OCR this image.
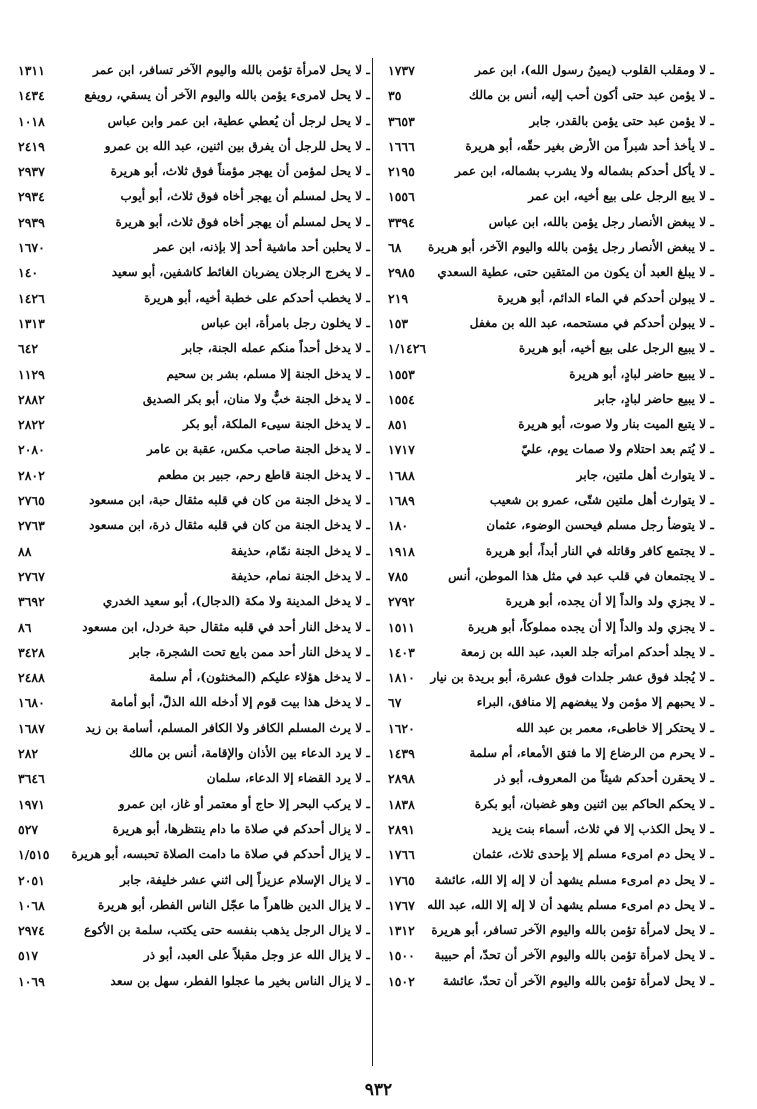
ـ لا ومقلب القلوب (يمينُ رسول الله)، ابن عمر
١٧٣٧
ـ لا يؤمن عبد حتى أكون أحب إليه، أنس بن مالك
٣٥
ـ لا يؤمن عبد حتى يؤمن بالقدر، جابر
٣٦٥٣
ـ لا يأخذ أحد شبراً من الأرض بغير حقّه، أبو هريرة
١٦٦٦
ـ لا يأكل أحدكم بشماله ولا يشرب بشماله، ابن عمر
٢١٩٥
ـ لا يبع الرجل على بيع أخيه، ابن عمر
١٥٥٦
ـ لا يبغض الأنصار رجل يؤمن بالله، ابن عباس
٣٣٩٤
ـ لا يبغض الأنصار رجل يؤمن بالله واليوم الآخر، أبو هريرة
٦٨
ـ لا يبلغ العبد أن يكون من المتقين حتى، عطية السعدي
٢٩٨٥
ـ لا يبولن أحدكم في الماء الدائم، أبو هريرة
٢١٩
ـ لا يبولن أحدكم في مستحمه، عبد الله بن مغفل
١٥٣
ـ لا يبيع الرجل على بيع أخيه، أبو هريرة
١/١٤٢٦
ـ لا يبيع حاضر لبادٍ، أبو هريرة
١٥٥٣
ـ لا يبيع حاضر لبادٍ، جابر
١٥٥٤
ـ لا يتبع الميت بنار ولا صوت، أبو هريرة
٨٥١
ـ لا يُتم بعد احتلام ولا صمات يوم، عليّ
١٧١٧
ـ لا يتوارث أهل ملتين، جابر
١٦٨٨
ـ لا يتوارث أهل ملتين شتّى، عمرو بن شعيب
١٦٨٩
ـ لا يتوضأ رجل مسلم فيحسن الوضوء، عثمان
١٨٠
ـ لا يجتمع كافر وقاتله في النار أبداً، أبو هريرة
١٩١٨
ـ لا يجتمعان في قلب عبد في مثل هذا الموطن، أنس
٧٨٥
ـ لا يجزي ولد والداً إلا أن يجده، أبو هريرة
٢٧٩٢
ـ لا يجزي ولد والداً إلا أن يجده مملوكاً، أبو هريرة
١٥١١
ـ لا يجلد أحدكم امرأته جلد العبد، عبد الله بن زمعة
١٤٠٣
ـ لا يُجلد فوق عشر جلدات فوق عشرة، أبو بريدة بن نيار
١٨١٠
ـ لا يحبهم إلا مؤمن ولا يبغضهم إلا منافق، البراء
٦٧
ـ لا يحتكر إلا خاطىء، معمر بن عبد الله
١٦٢٠
ـ لا يحرم من الرضاع إلا ما فتق الأمعاء، أم سلمة
١٤٣٩
ـ لا يحقرن أحدكم شيئاً من المعروف، أبو ذر
٢٨٩٨
ـ لا يحكم الحاكم بين اثنين وهو غضبان، أبو بكرة
١٨٣٨
ـ لا يحل الكذب إلا في ثلاث، أسماء بنت يزيد
٢٨٩١
ـ لا يحل دم امرىء مسلم إلا بإحدى ثلاث، عثمان
١٧٦٦
ـ لا يحل دم امرىء مسلم يشهد أن لا إله إلا الله، عائشة
١٧٦٥
ـ لا يحل دم امرىء مسلم يشهد أن لا إله إلا الله، عبد الله
١٧٦٧
ـ لا يحل لامرأة تؤمن بالله واليوم الآخر تسافر، أبو هريرة
١٣١٢
ـ لا يحل لامرأة تؤمن بالله واليوم الآخر أن تحدّ، أم حبيبة
١٥٠٠
ـ لا يحل لامرأة تؤمن بالله واليوم الآخر أن تحدّ، عائشة
١٥٠٢
ـ لا يحل لامرأة تؤمن بالله واليوم الآخر تسافر، ابن عمر
١٣١١
ـ لا يحل لامرىء يؤمن بالله واليوم الآخر أن يسقي، رويفع
١٤٣٤
ـ لا يحل لرجل أن يُعطي عطية، ابن عمر وابن عباس
١٠١٨
ـ لا يحل للرجل أن يفرق بين اثنين، عبد الله بن عمرو
٢٤١٩
ـ لا يحل لمؤمن أن يهجر مؤمناً فوق ثلاث، أبو هريرة
٢٩٣٧
ـ لا يحل لمسلم أن يهجر أخاه فوق ثلاث، أبو أيوب
٢٩٣٤
ـ لا يحل لمسلم أن يهجر أخاه فوق ثلاث، أبو هريرة
٢٩٣٩
ـ لا يحلبن أحد ماشية أحد إلا بإذنه، ابن عمر
١٦٧٠
ـ لا يخرج الرجلان يضربان الغائط كاشفين، أبو سعيد
١٤٠
ـ لا يخطب أحدكم على خطبة أخيه، أبو هريرة
١٤٢٦
ـ لا يخلون رجل بامرأة، ابن عباس
١٣١٣
ـ لا يدخل أحداً منكم عمله الجنة، جابر
٦٤٢
ـ لا يدخل الجنة إلا مسلم، بشر بن سحيم
١١٢٩
ـ لا يدخل الجنة خبٌّ ولا منان، أبو بكر الصديق
٢٨٨٢
ـ لا يدخل الجنة سيىء الملكة، أبو بكر
٢٨٢٢
ـ لا يدخل الجنة صاحب مكس، عقبة بن عامر
٢٠٨٠
ـ لا يدخل الجنة قاطع رحم، جبير بن مطعم
٢٨٠٢
ـ لا يدخل الجنة من كان في قلبه مثقال حبة، ابن مسعود
٢٧٦٥
ـ لا يدخل الجنة من كان في قلبه مثقال ذرة، ابن مسعود
٢٧٦٣
ـ لا يدخل الجنة نمّام، حذيفة
٨٨
ـ لا يدخل الجنة نمام، حذيفة
٢٧٦٧
ـ لا يدخل المدينة ولا مكة (الدجال)، أبو سعيد الخدري
٣٦٩٢
ـ لا يدخل النار أحد في قلبه مثقال حبة خردل، ابن مسعود
٨٦
ـ لا يدخل النار أحد ممن بايع تحت الشجرة، جابر
٣٤٢٨
ـ لا يدخل هؤلاء عليكم (المخنثون)، أم سلمة
٢٤٨٨
ـ لا يدخل هذا بيت قوم إلا أدخله الله الذلّ، أبو أمامة
١٦٨٠
ـ لا يرث المسلم الكافر ولا الكافر المسلم، أسامة بن زيد
١٦٨٧
ـ لا يرد الدعاء بين الأذان والإقامة، أنس بن مالك
٢٨٢
ـ لا يرد القضاء إلا الدعاء، سلمان
٣٦٤٦
ـ لا يركب البحر إلا حاج أو معتمر أو غاز، ابن عمرو
١٩٧١
ـ لا يزال أحدكم في صلاة ما دام ينتظرها، أبو هريرة
٥٢٧
ـ لا يزال أحدكم في صلاة ما دامت الصلاة تحبسه، أبو هريرة
١/٥١٥
ـ لا يزال الإسلام عزيزاً إلى اثني عشر خليفة، جابر
٢٠٥١
ـ لا يزال الدين ظاهراً ما عجّل الناس الفطر، أبو هريرة
١٠٦٨
ـ لا يزال الرجل يذهب بنفسه حتى يكتب، سلمة بن الأكوع
٢٩٧٤
ـ لا يزال الله عز وجل مقبلاً على العبد، أبو ذر
٥١٧
ـ لا يزال الناس بخير ما عجلوا الفطر، سهل بن سعد
١٠٦٩
٩٣٢
